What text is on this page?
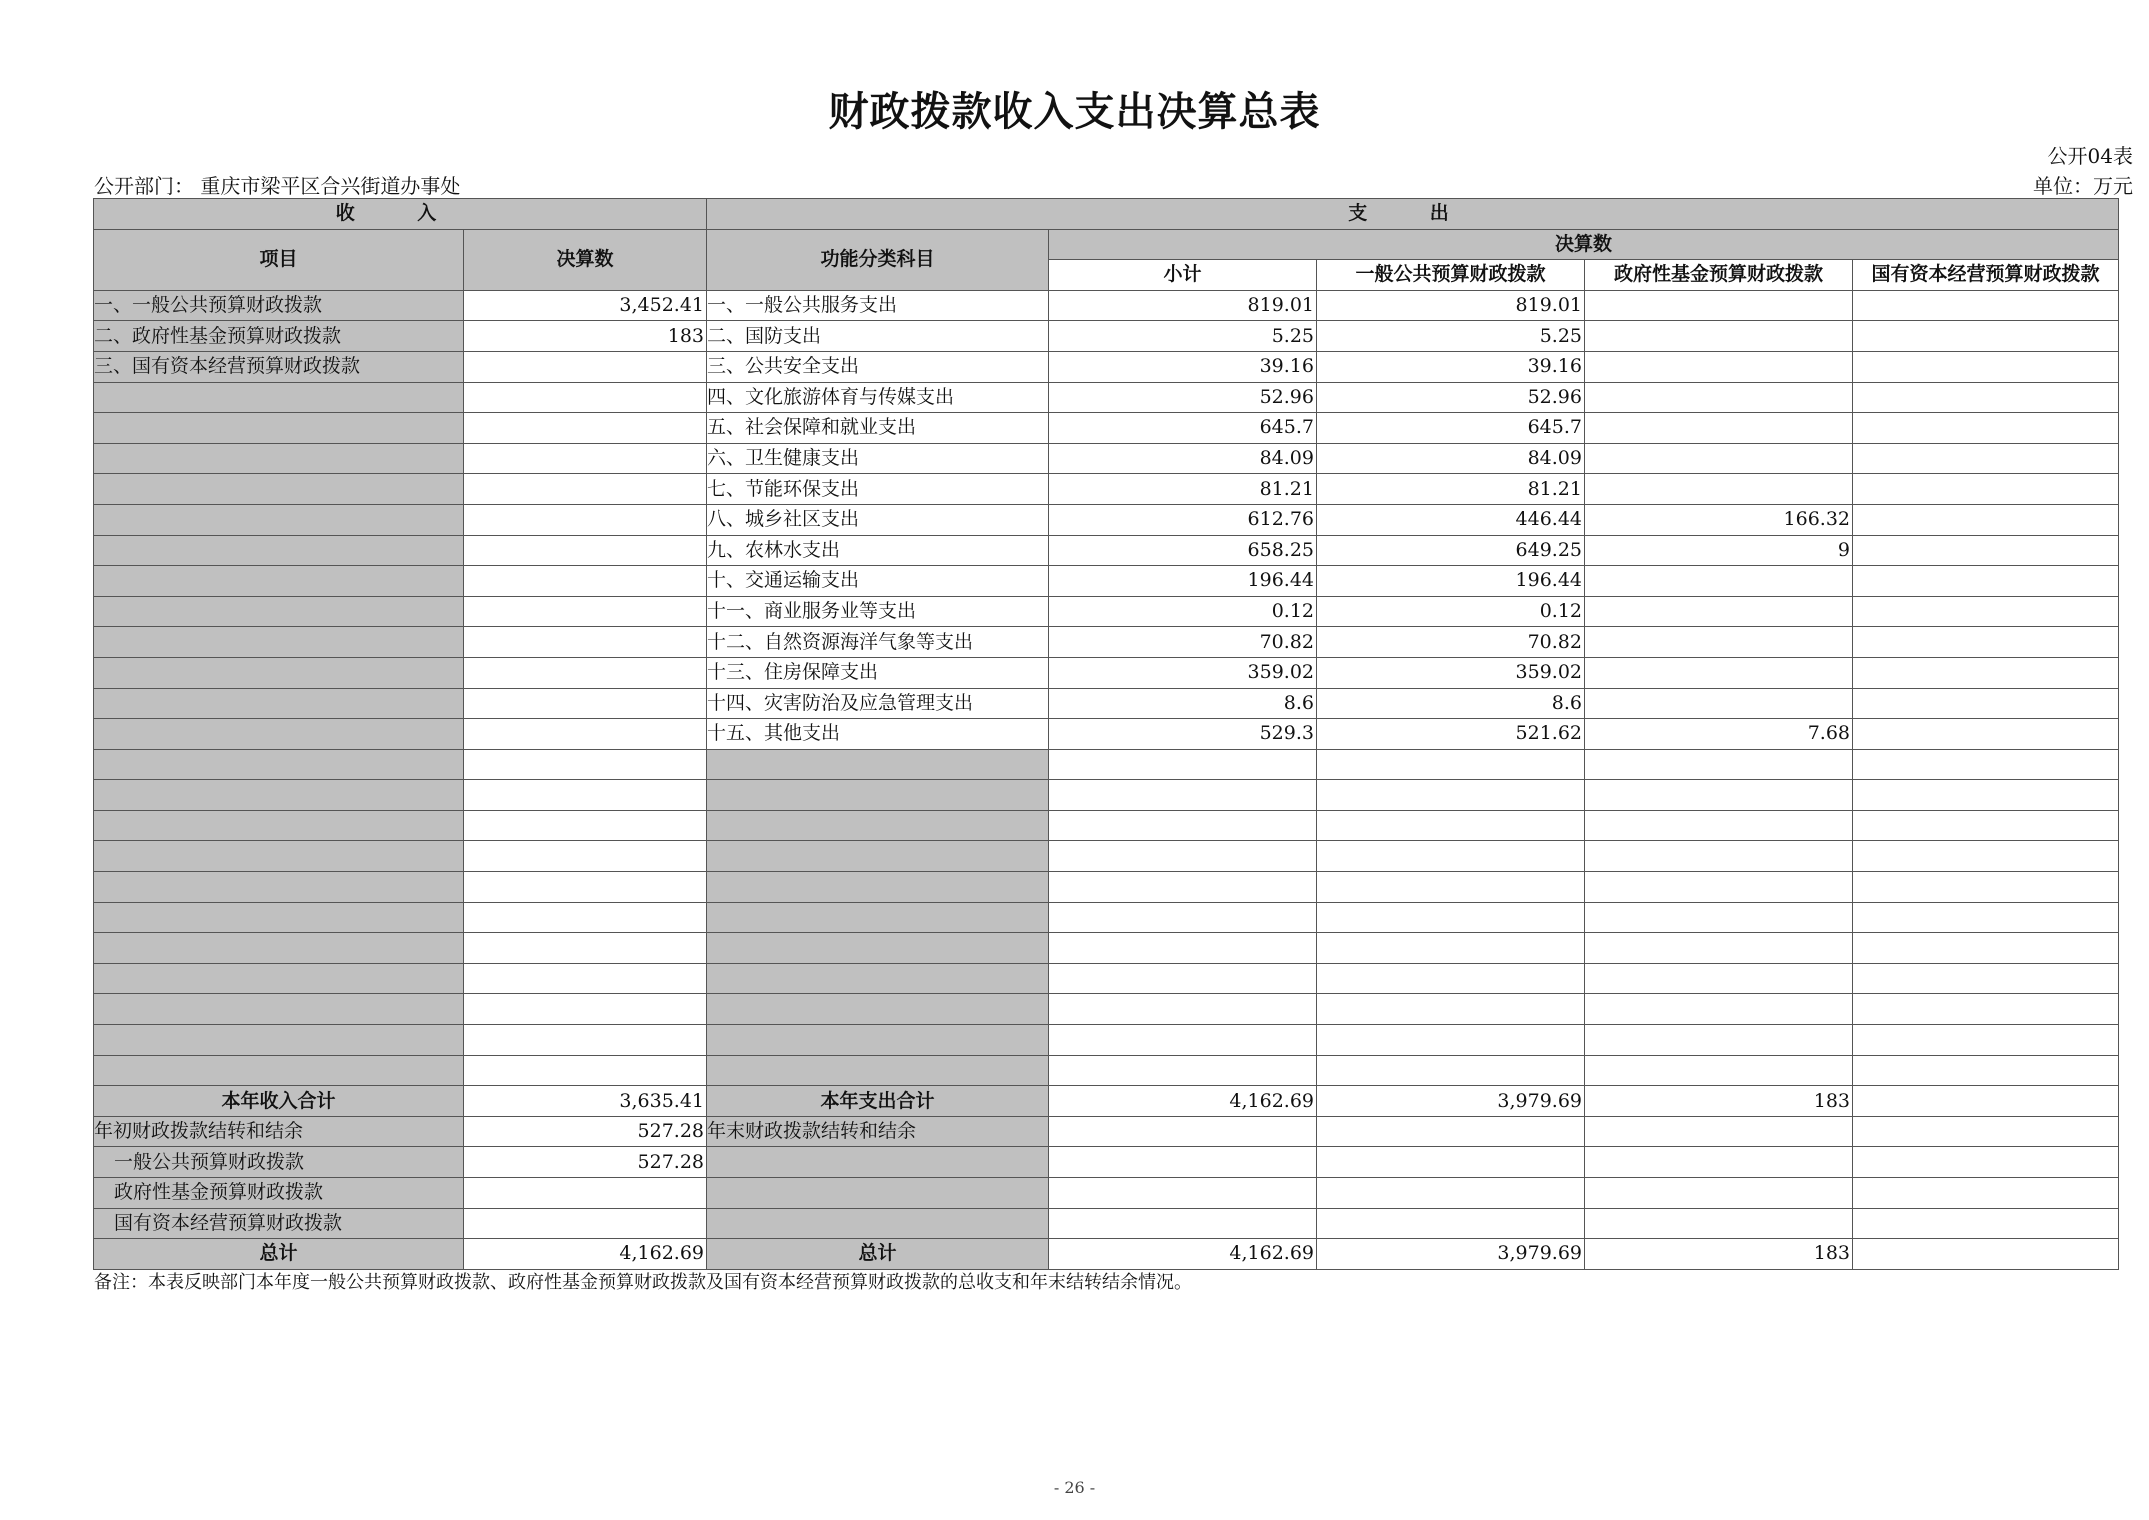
财政拨款收入支出决算总表
公开04表
公开部门： 重庆市梁平区合兴街道办事处	单位：万元
收 入		支 出				
项目	决算数	功能分类科目	决算数			
			小计	一般公共预算财政拨款	政府性基金预算财政拨款	国有资本经营预算财政拨款
一、一般公共预算财政拨款	3,452.41	一、一般公共服务支出	819.01	819.01		
二、政府性基金预算财政拨款	183	二、国防支出	5.25	5.25		
三、国有资本经营预算财政拨款		三、公共安全支出	39.16	39.16		
		四、文化旅游体育与传媒支出	52.96	52.96		
		五、社会保障和就业支出	645.7	645.7		
		六、卫生健康支出	84.09	84.09		
		七、节能环保支出	81.21	81.21		
		八、城乡社区支出	612.76	446.44	166.32	
		九、农林水支出	658.25	649.25	9	
		十、交通运输支出	196.44	196.44		
		十一、商业服务业等支出	0.12	0.12		
		十二、自然资源海洋气象等支出	70.82	70.82		
		十三、住房保障支出	359.02	359.02		
		十四、灾害防治及应急管理支出	8.6	8.6		
		十五、其他支出	529.3	521.62	7.68	

本年收入合计	3,635.41	本年支出合计	4,162.69	3,979.69	183	
年初财政拨款结转和结余	527.28	年末财政拨款结转和结余				
一般公共预算财政拨款	527.28					
政府性基金预算财政拨款						
国有资本经营预算财政拨款						
总计	4,162.69	总计	4,162.69	3,979.69	183	
备注：本表反映部门本年度一般公共预算财政拨款、政府性基金预算财政拨款及国有资本经营预算财政拨款的总收支和年末结转结余情况。
- 26 -
